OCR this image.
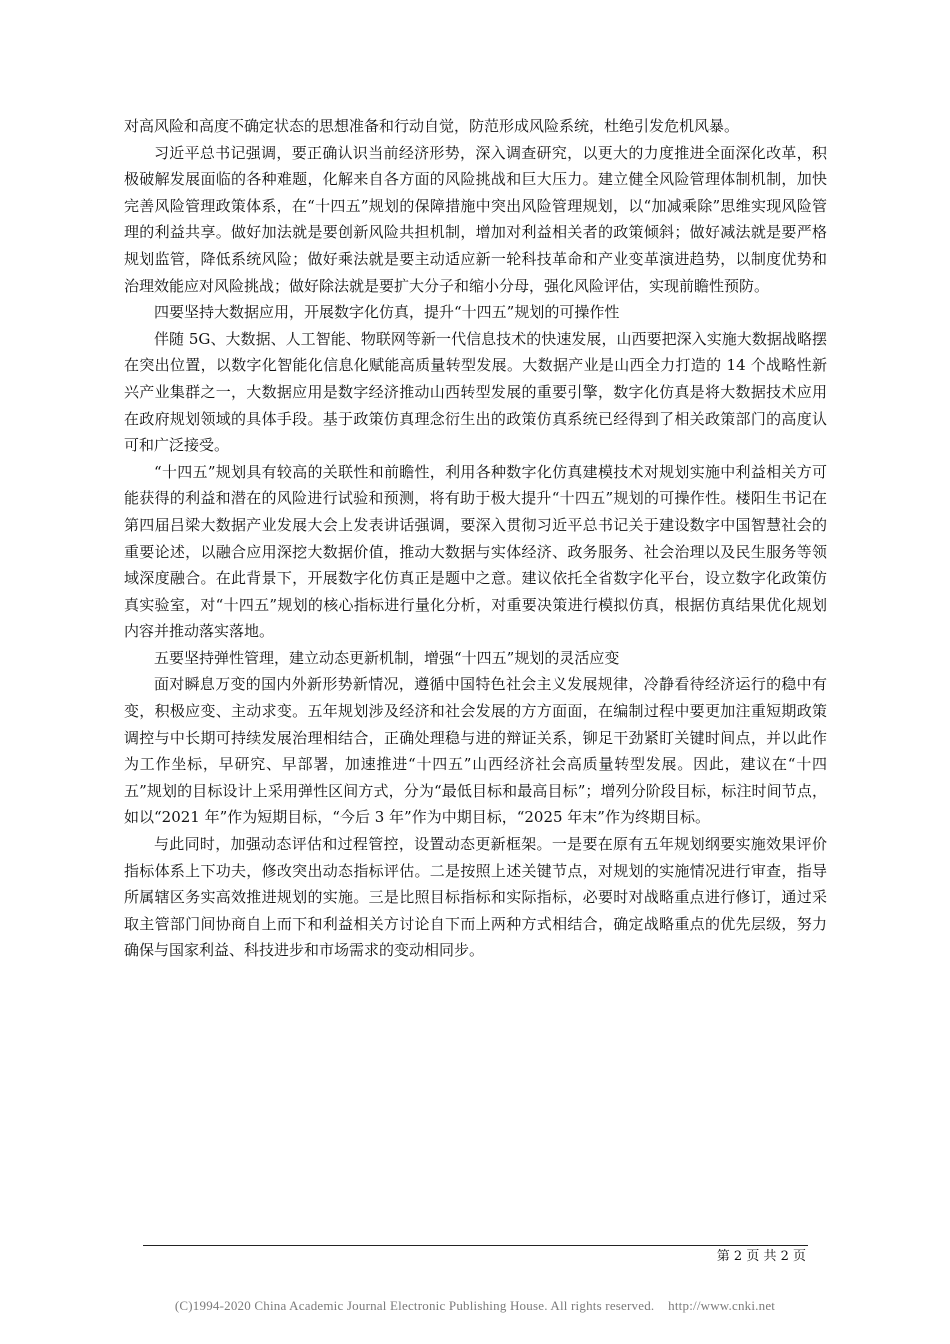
对高风险和高度不确定状态的思想准备和行动自觉，防范形成风险系统，杜绝引发危机风暴。

习近平总书记强调，要正确认识当前经济形势，深入调查研究，以更大的力度推进全面深化改革，积极破解发展面临的各种难题，化解来自各方面的风险挑战和巨大压力。建立健全风险管理体制机制，加快完善风险管理政策体系，在“十四五”规划的保障措施中突出风险管理规划，以“加减乘除”思维实现风险管理的利益共享。做好加法就是要创新风险共担机制，增加对利益相关者的政策倾斜；做好减法就是要严格规划监管，降低系统风险；做好乘法就是要主动适应新一轮科技革命和产业变革演进趋势，以制度优势和治理效能应对风险挑战；做好除法就是要扩大分子和缩小分母，强化风险评估，实现前瞻性预防。

四要坚持大数据应用，开展数字化仿真，提升“十四五”规划的可操作性

伴随 5G、大数据、人工智能、物联网等新一代信息技术的快速发展，山西要把深入实施大数据战略摆在突出位置，以数字化智能化信息化赋能高质量转型发展。大数据产业是山西全力打造的 14 个战略性新兴产业集群之一，大数据应用是数字经济推动山西转型发展的重要引擎，数字化仿真是将大数据技术应用在政府规划领域的具体手段。基于政策仿真理念衍生出的政策仿真系统已经得到了相关政策部门的高度认可和广泛接受。

“十四五”规划具有较高的关联性和前瞻性，利用各种数字化仿真建模技术对规划实施中利益相关方可能获得的利益和潜在的风险进行试验和预测，将有助于极大提升“十四五”规划的可操作性。楼阳生书记在第四届吕梁大数据产业发展大会上发表讲话强调，要深入贯彻习近平总书记关于建设数字中国智慧社会的重要论述，以融合应用深挖大数据价值，推动大数据与实体经济、政务服务、社会治理以及民生服务等领域深度融合。在此背景下，开展数字化仿真正是题中之意。建议依托全省数字化平台，设立数字化政策仿真实验室，对“十四五”规划的核心指标进行量化分析，对重要决策进行模拟仿真，根据仿真结果优化规划内容并推动落实落地。

五要坚持弹性管理，建立动态更新机制，增强“十四五”规划的灵活应变

面对瞬息万变的国内外新形势新情况，遵循中国特色社会主义发展规律，冷静看待经济运行的稳中有变，积极应变、主动求变。五年规划涉及经济和社会发展的方方面面，在编制过程中要更加注重短期政策调控与中长期可持续发展治理相结合，正确处理稳与进的辩证关系，铆足干劲紧盯关键时间点，并以此作为工作坐标，早研究、早部署，加速推进“十四五”山西经济社会高质量转型发展。因此，建议在“十四五”规划的目标设计上采用弹性区间方式，分为“最低目标和最高目标”；增列分阶段目标，标注时间节点，如以“2021 年”作为短期目标，“今后 3 年”作为中期目标，“2025 年末”作为终期目标。

与此同时，加强动态评估和过程管控，设置动态更新框架。一是要在原有五年规划纲要实施效果评价指标体系上下功夫，修改突出动态指标评估。二是按照上述关键节点，对规划的实施情况进行审查，指导所属辖区务实高效推进规划的实施。三是比照目标指标和实际指标，必要时对战略重点进行修订，通过采取主管部门间协商自上而下和利益相关方讨论自下而上两种方式相结合，确定战略重点的优先层级，努力确保与国家利益、科技进步和市场需求的变动相同步。

第 2 页 共 2 页
(C)1994-2020 China Academic Journal Electronic Publishing House. All rights reserved.    http://www.cnki.net
